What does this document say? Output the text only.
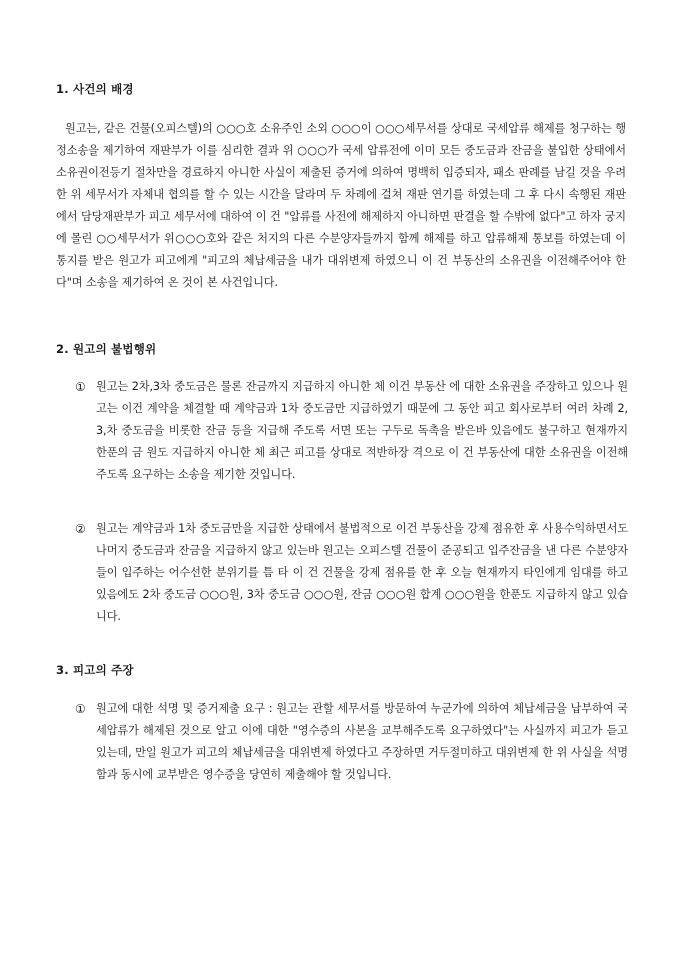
1. 사건의 배경

원고는, 같은 건물(오피스텔)의 ○○○호 소유주인 소외 ○○○이 ○○○세무서를 상대로 국세압류 해제를 청구하는 행정소송을 제기하여 재판부가 이를 심리한 결과 위 ○○○가 국세 압류전에 이미 모든 중도금과 잔금을 불입한 상태에서 소유권이전등기 절차만을 경료하지 아니한 사실이 제출된 증거에 의하여 명백히 입증되자, 패소 판례를 남길 것을 우려한 위 세무서가 자체내 협의를 할 수 있는 시간을 달라며 두 차례에 걸쳐 재판 연기를 하였는데 그 후 다시 속행된 재판에서 담당재판부가 피고 세무서에 대하여 이 건 "압류를 사전에 해제하지 아니하면 판결을 할 수밖에 없다"고 하자 궁지에 몰린 ○○세무서가 위○○○호와 같은 처지의 다른 수분양자들까지 함께 해제를 하고 압류해제 통보를 하였는데 이 통지를 받은 원고가 피고에게 "피고의 체납세금을 내가 대위변제 하였으니 이 건 부동산의 소유권을 이전해주어야 한다"며 소송을 제기하여 온 것이 본 사건입니다.

2. 원고의 불법행위
① 원고는 2차,3차 중도금은 물론 잔금까지 지급하지 아니한 체 이건 부동산 에 대한 소유권을 주장하고 있으나 원고는 이건 계약을 체결할 때 계약금과 1차 중도금만 지급하였기 때문에 그 동안 피고 회사로부터 여러 차례 2,3,차 중도금을 비롯한 잔금 등을 지급해 주도록 서면 또는 구두로 독촉을 받은바 있음에도 불구하고 현재까지 한푼의 금 원도 지급하지 아니한 체 최근 피고를 상대로 적반하장 격으로 이 건 부동산에 대한 소유권을 이전해 주도록 요구하는 소송을 제기한 것입니다.

② 원고는 계약금과 1차 중도금만을 지급한 상태에서 불법적으로 이건 부동산을 강제 점유한 후 사용수익하면서도 나머지 중도금과 잔금을 지급하지 않고 있는바 원고는 오피스텔 건물이 준공되고 입주잔금을 낸 다른 수분양자들이 입주하는 어수선한 분위기를 틈 타 이 건 건물을 강제 점유를 한 후 오늘 현재까지 타인에게 임대를 하고 있음에도 2차 중도금 ○○○원, 3차 중도금 ○○○원, 잔금 ○○○원 합계 ○○○원을 한푼도 지급하지 않고 있습니다.

3. 피고의 주장
① 원고에 대한 석명 및 증거제출 요구 : 원고는 관할 세무서를 방문하여 누군가에 의하여 체납세금을 납부하여 국세압류가 해제된 것으로 알고 이에 대한 "영수증의 사본을 교부해주도록 요구하였다"는 사실까지 피고가 듣고 있는데, 만일 원고가 피고의 체납세금을 대위변제 하였다고 주장하면 거두절미하고 대위변제 한 위 사실을 석명함과 동시에 교부받은 영수증을 당연히 제출해야 할 것입니다.
